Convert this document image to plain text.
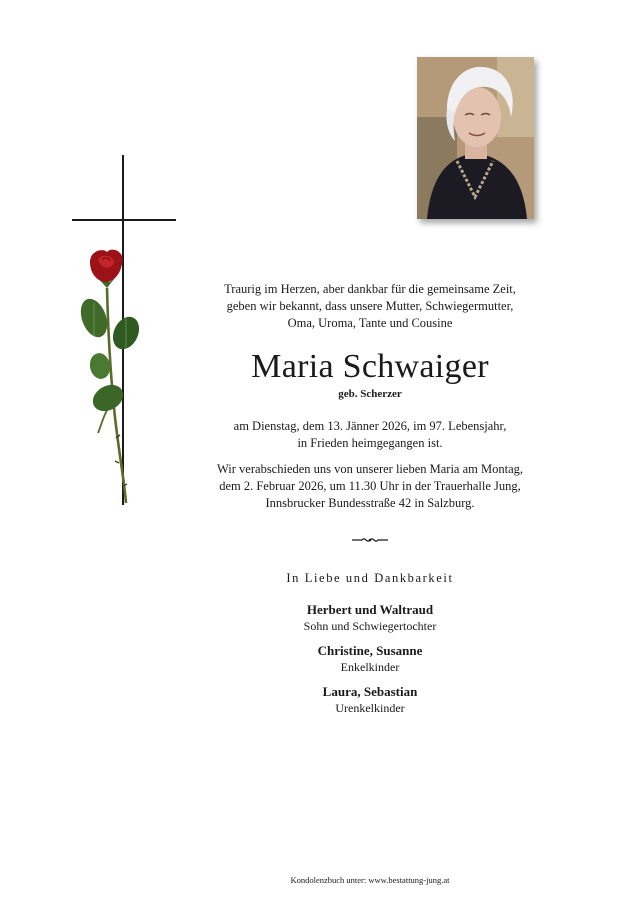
Traurig im Herzen, aber dankbar für die gemeinsame Zeit,
geben wir bekannt, dass unsere Mutter, Schwiegermutter,
Oma, Uroma, Tante und Cousine
Maria Schwaiger
geb. Scherzer
am Dienstag, dem 13. Jänner 2026, im 97. Lebensjahr,
in Frieden heimgegangen ist.
Wir verabschieden uns von unserer lieben Maria am Montag,
dem 2. Februar 2026, um 11.30 Uhr in der Trauerhalle Jung,
Innsbrucker Bundesstraße 42 in Salzburg.
In Liebe und Dankbarkeit
Herbert und Waltraud
Sohn und Schwiegertochter
Christine, Susanne
Enkelkinder
Laura, Sebastian
Urenkelkinder
Kondolenzbuch unter: www.bestattung-jung.at
